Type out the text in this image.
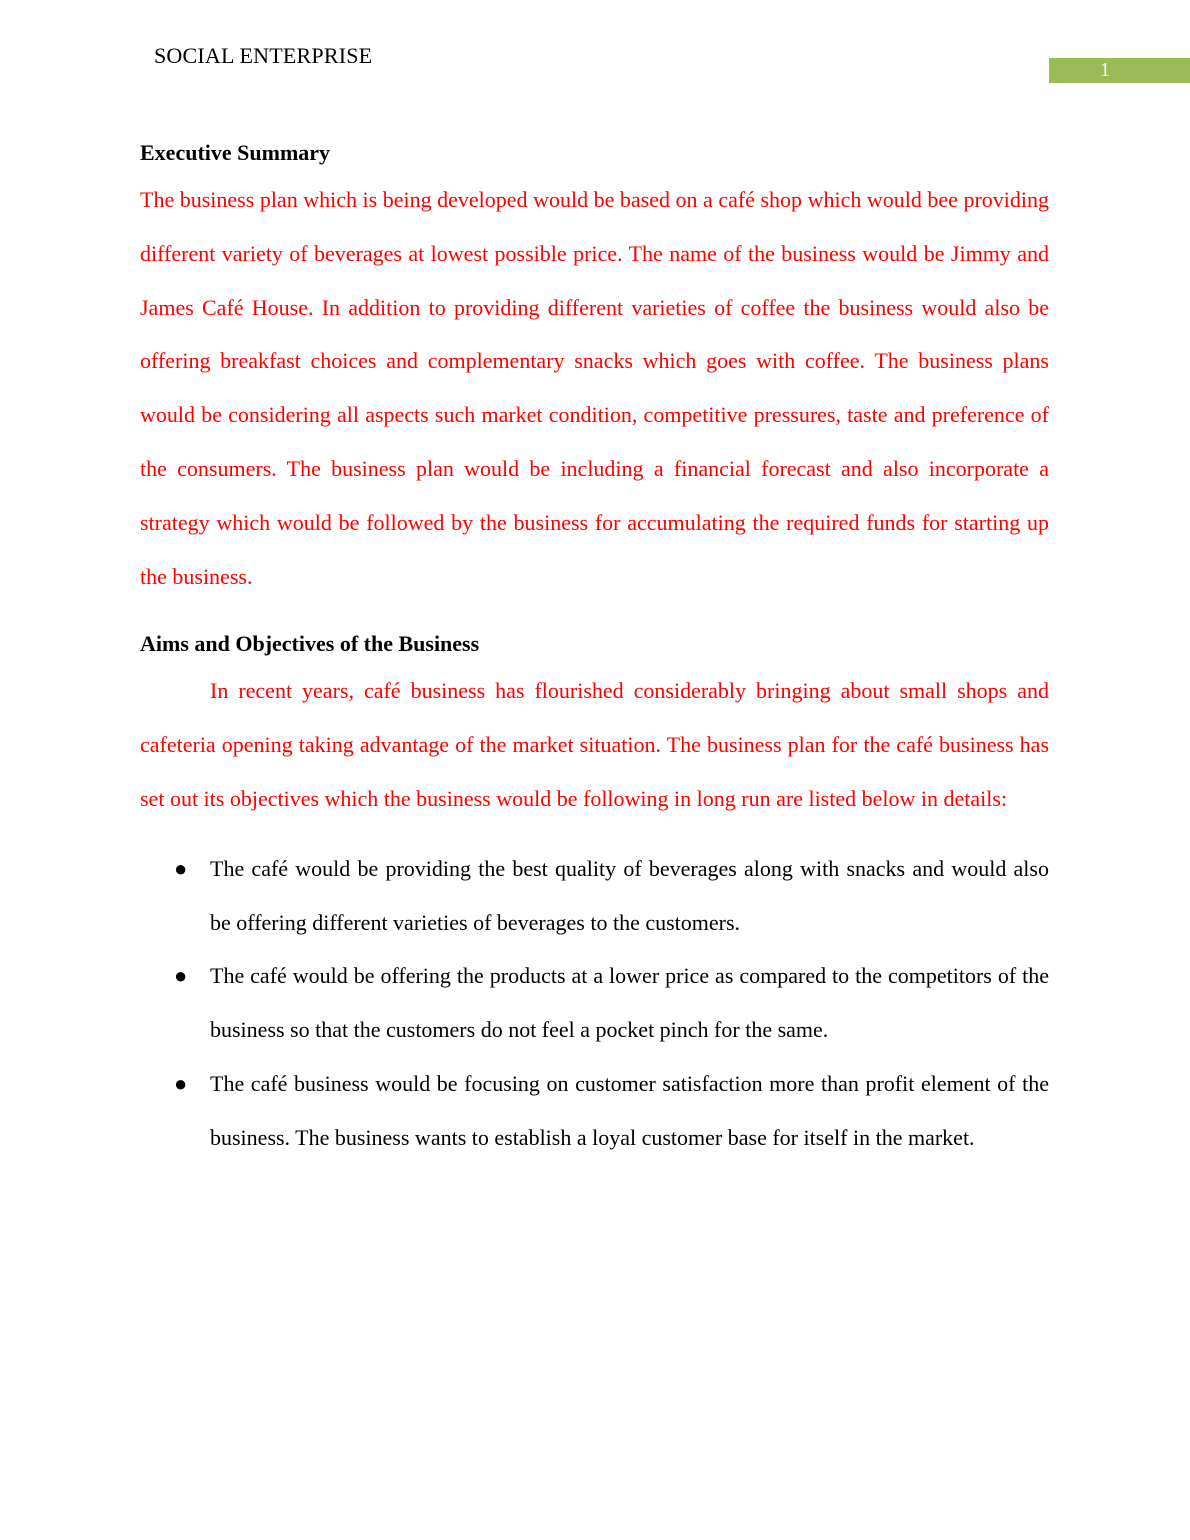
SOCIAL ENTERPRISE
1
Executive Summary

The business plan which is being developed would be based on a café shop which would bee providing different variety of beverages at lowest possible price. The name of the business would be Jimmy and James Café House. In addition to providing different varieties of coffee the business would also be offering breakfast choices and complementary snacks which goes with coffee. The business plans would be considering all aspects such market condition, competitive pressures, taste and preference of the consumers. The business plan would be including a financial forecast and also incorporate a strategy which would be followed by the business for accumulating the required funds for starting up the business.

Aims and Objectives of the Business

In recent years, café business has flourished considerably bringing about small shops and cafeteria opening taking advantage of the market situation. The business plan for the café business has set out its objectives which the business would be following in long run are listed below in details:

● The café would be providing the best quality of beverages along with snacks and would also be offering different varieties of beverages to the customers.

● The café would be offering the products at a lower price as compared to the competitors of the business so that the customers do not feel a pocket pinch for the same.

● The café business would be focusing on customer satisfaction more than profit element of the business. The business wants to establish a loyal customer base for itself in the market.
